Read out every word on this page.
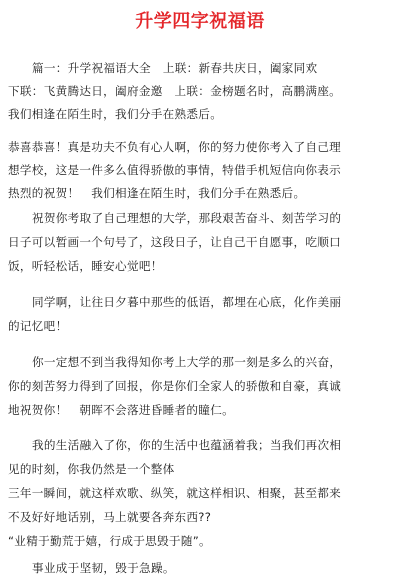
升学四字祝福语
篇一：升学祝福语大全　上联：新春共庆日，阖家同欢
下联：飞黄腾达日，阖府金邀　上联：金榜题名时，高鹏满座。
我们相逢在陌生时，我们分手在熟悉后。
恭喜恭喜！真是功夫不负有心人啊，你的努力使你考入了自己理
想学校，这是一件多么值得骄傲的事情，特借手机短信向你表示
热烈的祝贺！　我们相逢在陌生时，我们分手在熟悉后。
祝贺你考取了自己理想的大学，那段艰苦奋斗、刻苦学习的
日子可以暂画一个句号了，这段日子，让自己干自愿事，吃顺口
饭，听轻松话，睡安心觉吧！
同学啊，让往日夕暮中那些的低语，都埋在心底，化作美丽
的记忆吧！
你一定想不到当我得知你考上大学的那一刻是多么的兴奋，
你的刻苦努力得到了回报，你是你们全家人的骄傲和自豪，真诚
地祝贺你！　朝晖不会落进昏睡者的瞳仁。
我的生活融入了你，你的生活中也蕴涵着我；当我们再次相
见的时刻，你我仍然是一个整体
三年一瞬间，就这样欢歌、纵笑，就这样相识、相聚，甚至都来
不及好好地话别，马上就要各奔东西??
“业精于勤荒于嬉，行成于思毁于随”。
事业成于坚韧，毁于急躁。
